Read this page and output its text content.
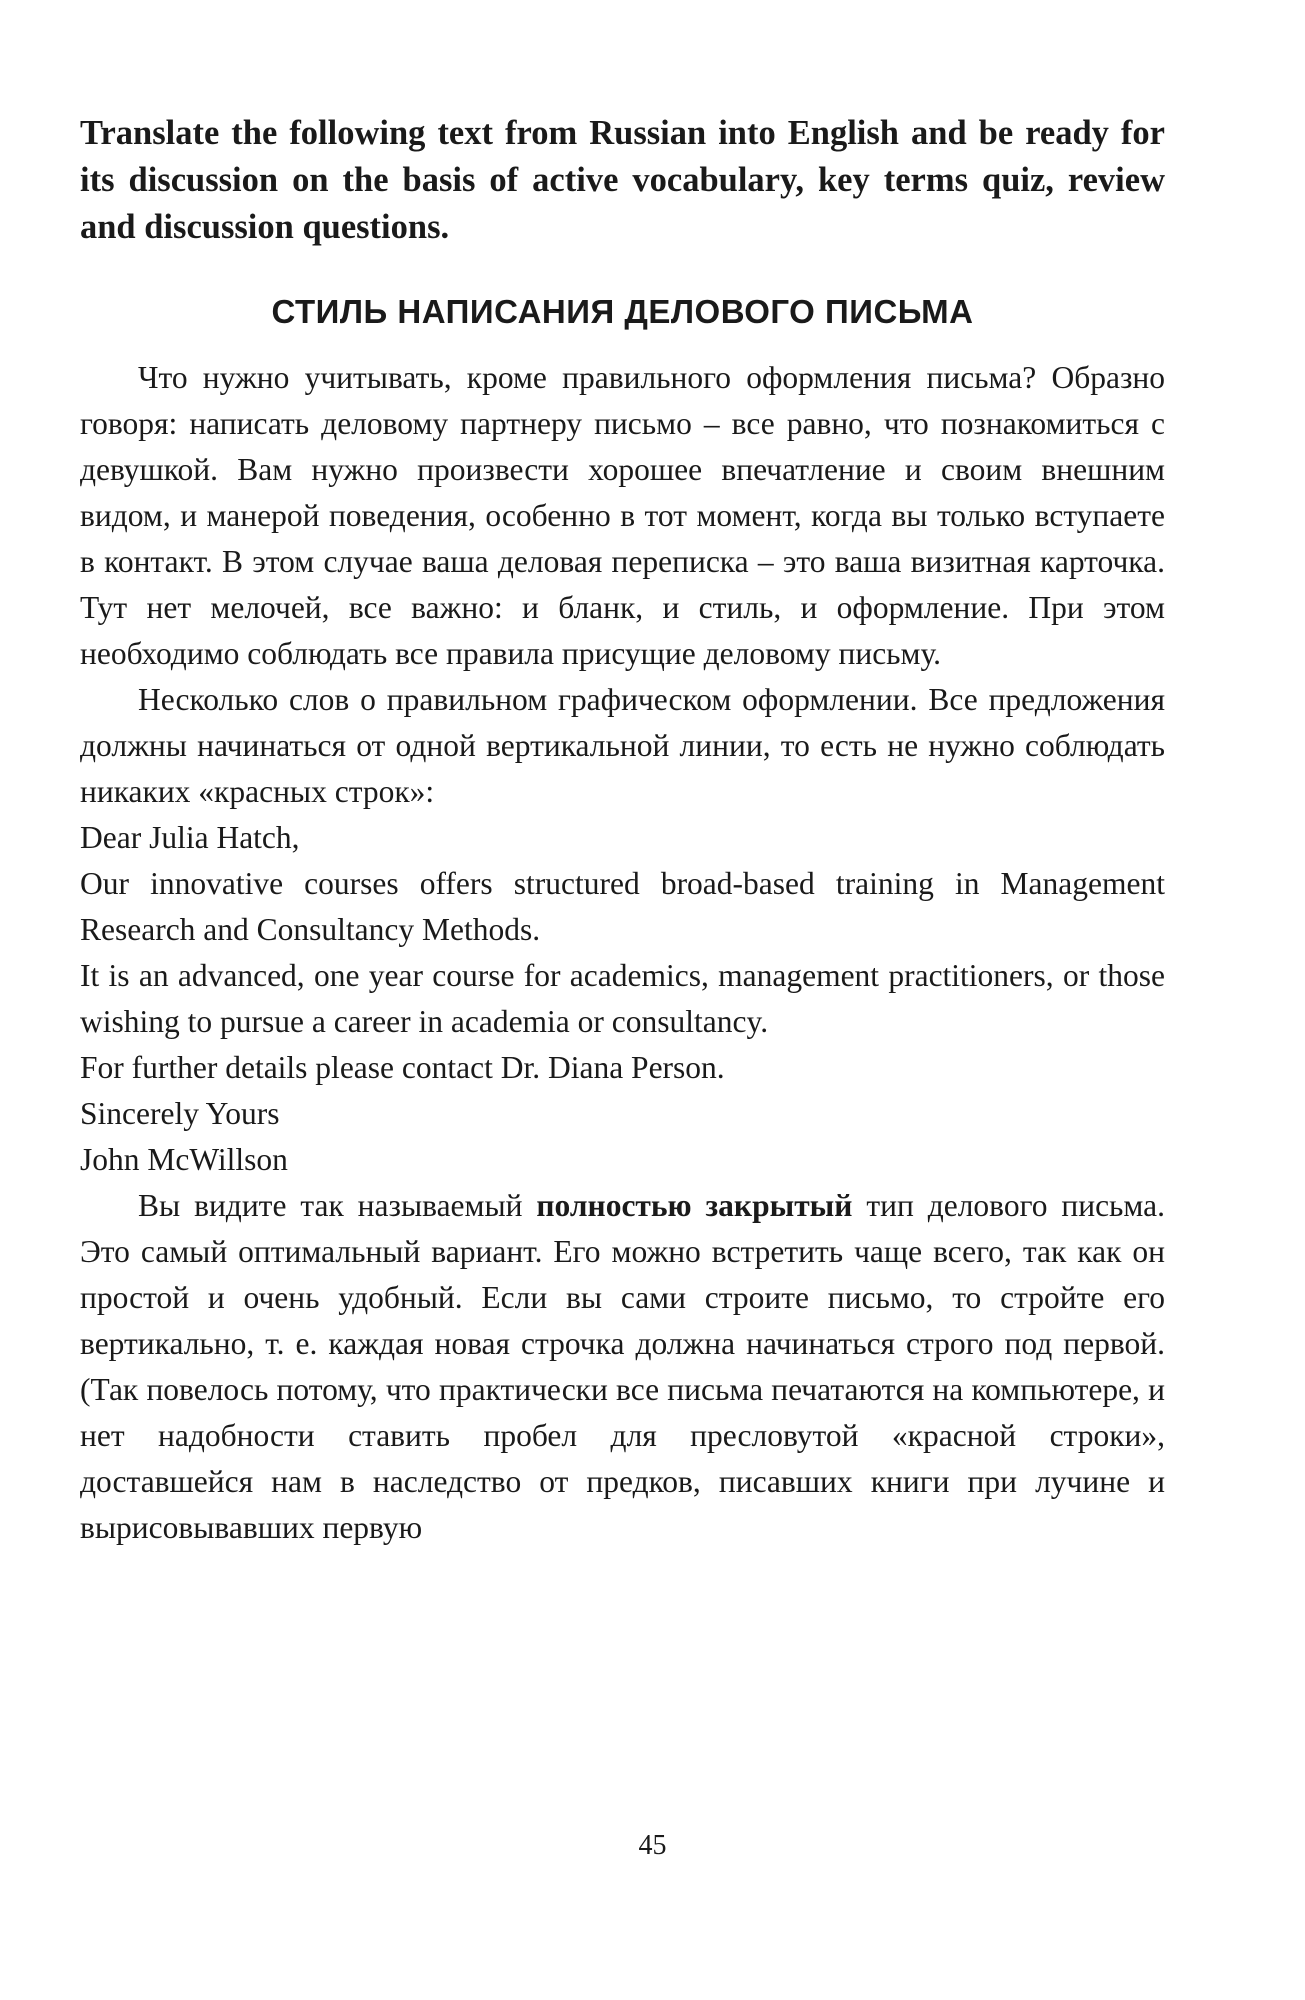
Translate the following text from Russian into English and be ready for its discussion on the basis of active vocabulary, key terms quiz, review and discussion questions.

СТИЛЬ НАПИСАНИЯ ДЕЛОВОГО ПИСЬМА

Что нужно учитывать, кроме правильного оформления письма? Образно говоря: написать деловому партнеру письмо – все равно, что познакомиться с девушкой. Вам нужно произвести хорошее впечатление и своим внешним видом, и манерой поведения, особенно в тот момент, когда вы только вступаете в контакт. В этом случае ваша деловая переписка – это ваша визитная карточка. Тут нет мелочей, все важно: и бланк, и стиль, и оформление. При этом необходимо соблюдать все правила присущие деловому письму.

Несколько слов о правильном графическом оформлении. Все предложения должны начинаться от одной вертикальной линии, то есть не нужно соблюдать никаких «красных строк»:

Dear Julia Hatch,

Our innovative courses offers structured broad-based training in Management Research and Consultancy Methods.

It is an advanced, one year course for academics, management practitioners, or those wishing to pursue a career in academia or consultancy.

For further details please contact Dr. Diana Person.

Sincerely Yours

John McWillson

Вы видите так называемый полностью закрытый тип делового письма. Это самый оптимальный вариант. Его можно встретить чаще всего, так как он простой и очень удобный. Если вы сами строите письмо, то стройте его вертикально, т. е. каждая новая строчка должна начинаться строго под первой. (Так повелось потому, что практически все письма печатаются на компьютере, и нет надобности ставить пробел для пресловутой «красной строки», доставшейся нам в наследство от предков, писавших книги при лучине и вырисовывавших первую

45
